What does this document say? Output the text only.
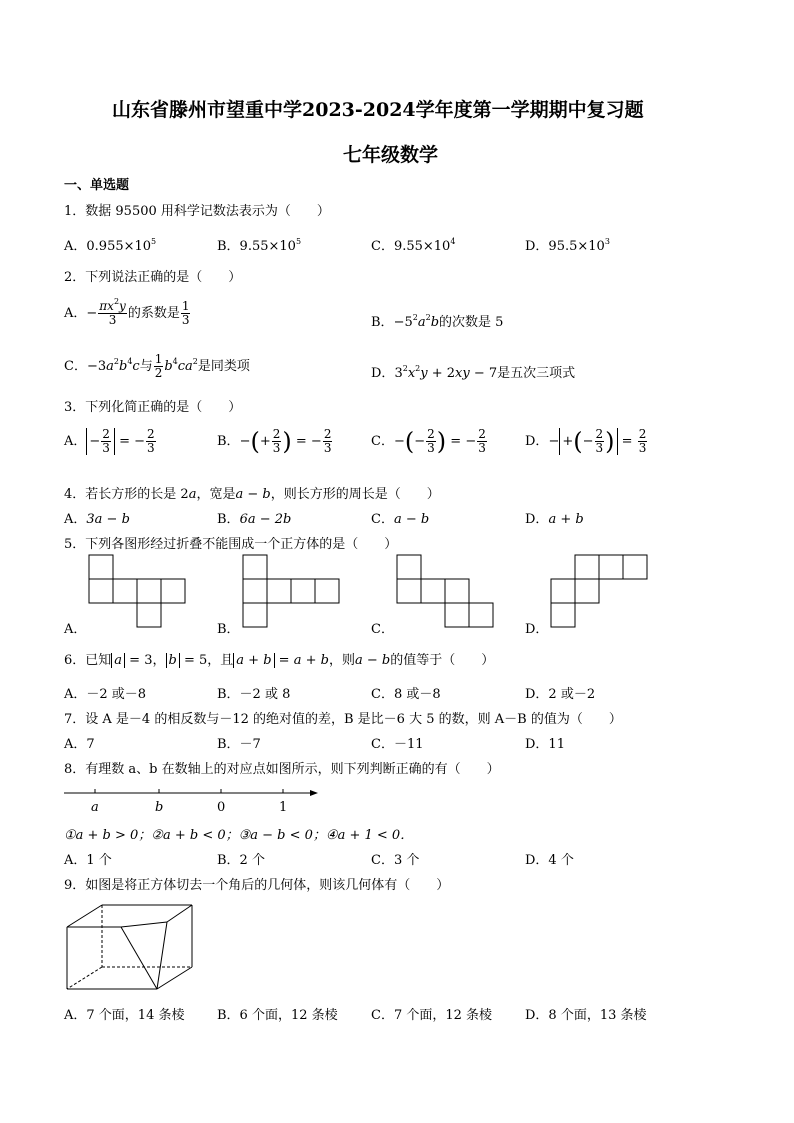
山东省滕州市望重中学2023-2024学年度第一学期期中复习题
七年级数学
一、单选题
1．数据 95500 用科学记数法表示为（　　）
A．$0.955\times 10^5$	B．$9.55\times 10^5$	C．$9.55\times 10^4$	D．$95.5\times 10^3$
2．下列说法正确的是（　　）
A．− $\frac{\pi x^2y}{3}$ 的系数是 $\frac{1}{3}$	B．$-5^2a^2b$的次数是 5
C．$-3a^2b^4c$与 $\frac{1}{2} b^4ca^2$是同类项	D．$3^2x^2y + 2xy - 7$是五次三项式
3．下列化简正确的是（　　）
A． − $\frac{2}{3}$ = − $\frac{2}{3}$	B．−(+ $\frac{2}{3}$ ) = − $\frac{2}{3}$	C．−(− $\frac{2}{3}$ ) = − $\frac{2}{3}$	D．− +(− $\frac{2}{3}$ ) = $\frac{2}{3}$
4．若长方形的长是 2a，宽是a − b，则长方形的周长是（　　）
A．3a − b	B．6a − 2b	C．a − b	D．a + b
5．下列各图形经过折叠不能围成一个正方体的是（　　）
A．	B．	C．	D．
6．已知 a = 3， b = 5，且 a + b = a + b，则a − b的值等于（　　）
A．－2 或－8	B．－2 或 8	C．8 或－8	D．2 或－2
7．设 A 是－4 的相反数与－12 的绝对值的差，B 是比－6 大 5 的数，则 A－B 的值为（　　）
A．7	B．－7	C．－11	D．11
8．有理数 a、b 在数轴上的对应点如图所示，则下列判断正确的有（　　）
a	b	0	1
①a + b > 0；②a + b < 0；③a − b < 0；④a + 1 < 0．
A．1 个	B．2 个	C．3 个	D．4 个
9．如图是将正方体切去一个角后的几何体，则该几何体有（　　）
A．7 个面，14 条棱	B．6 个面，12 条棱	C．7 个面，12 条棱	D．8 个面，13 条棱
